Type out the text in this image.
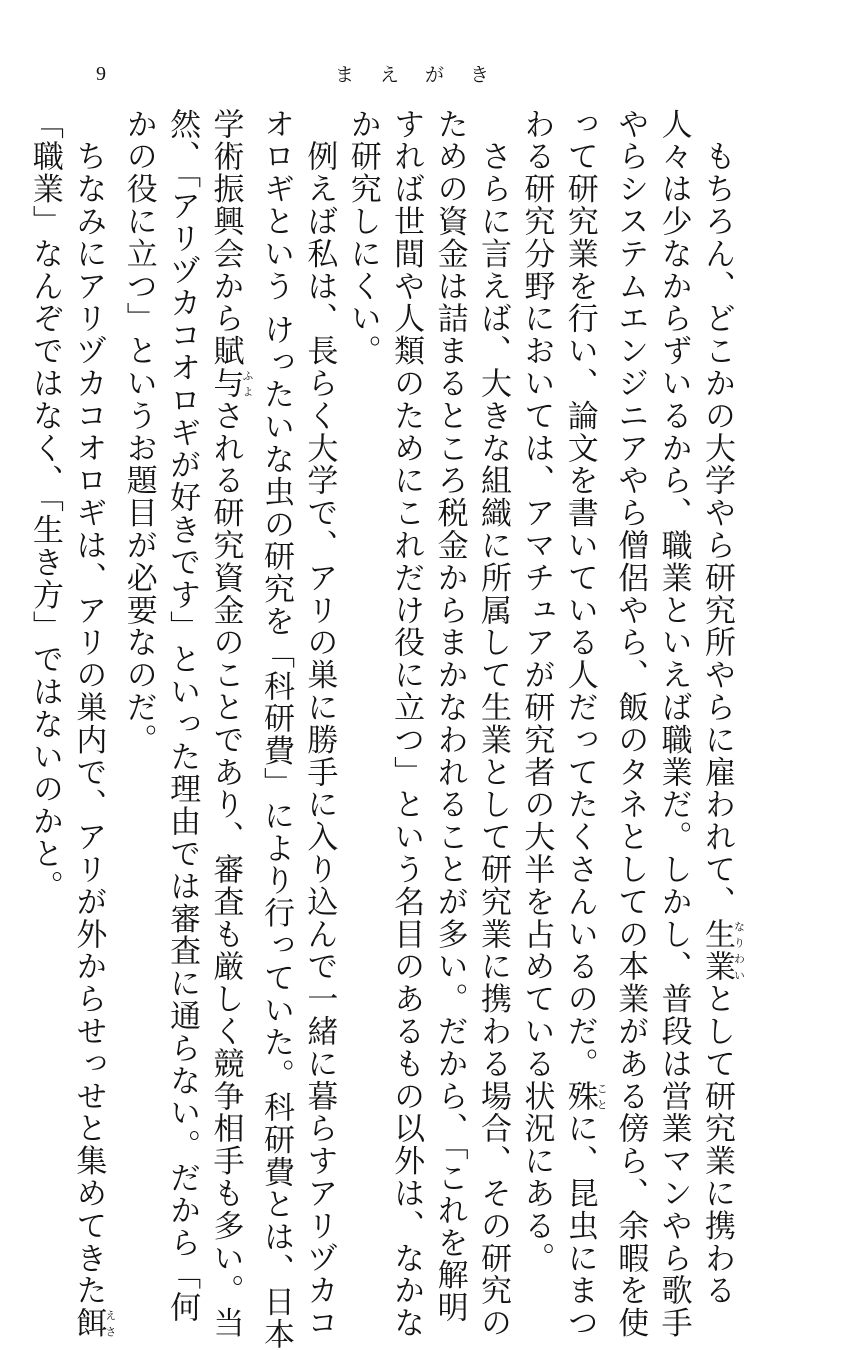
9	まえがき
　もちろん、どこかの大学やら研究所やらに雇われて、生業なりわいとして研究業に携わる
人々は少なからずいるから、職業といえば職業だ。しかし、普段は営業マンやら歌手
やらシステムエンジニアやら僧侶やら、飯のタネとしての本業がある傍ら、余暇を使
って研究業を行い、論文を書いている人だってたくさんいるのだ。殊ことに、昆虫にまつ
わる研究分野においては、アマチュアが研究者の大半を占めている状況にある。
　さらに言えば、大きな組織に所属して生業として研究業に携わる場合、その研究の
ための資金は詰まるところ税金からまかなわれることが多い。だから、「これを解明
すれば世間や人類のためにこれだけ役に立つ」という名目のあるもの以外は、なかな
か研究しにくい。
　例えば私は、長らく大学で、アリの巣に勝手に入り込んで一緒に暮らすアリヅカコ
オロギという けったいな虫の研究を「科研費」により行っていた。科研費とは、日本
学術振興会から賦与ふよされる研究資金のことであり、審査も厳しく競争相手も多い。当
然、「アリヅカコオロギが好きです」といった理由では審査に通らない。だから「何
かの役に立つ」というお題目が必要なのだ。
　ちなみにアリヅカコオロギは、アリの巣内で、アリが外からせっせと集めてきた餌えさ
「職業」なんぞではなく、「生き方」ではないのかと。
